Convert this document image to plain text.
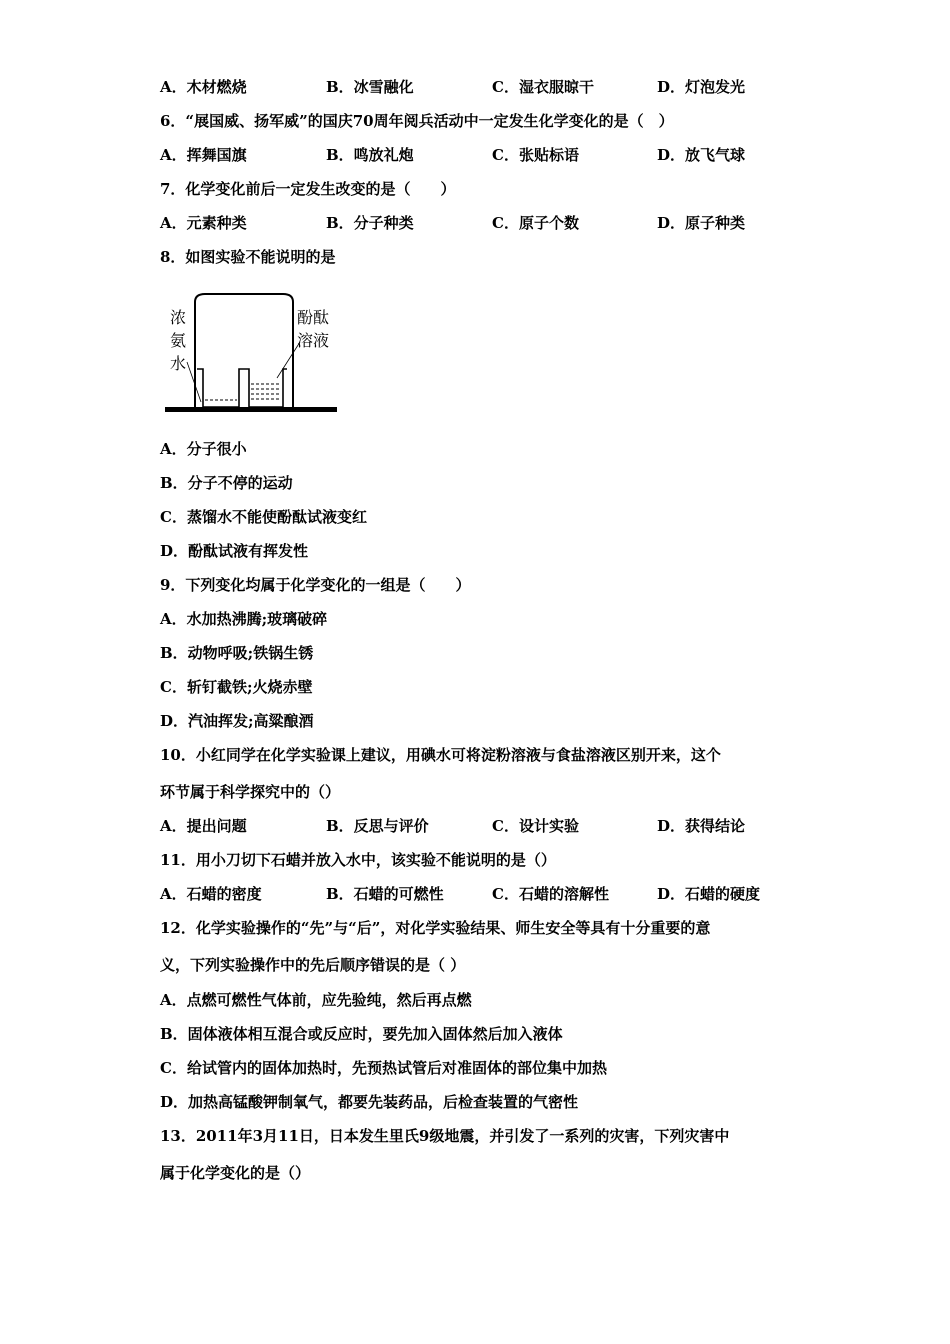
A．木材燃烧	B．冰雪融化	C．湿衣服晾干	D．灯泡发光
6．“展国威、扬军威”的国庆70周年阅兵活动中一定发生化学变化的是（　）
A．挥舞国旗	B．鸣放礼炮	C．张贴标语	D．放飞气球
7．化学变化前后一定发生改变的是（　　）
A．元素种类	B．分子种类	C．原子个数	D．原子种类
8．如图实验不能说明的是
浓
氨
水
酚酞
溶液
A．分子很小
B．分子不停的运动
C．蒸馏水不能使酚酞试液变红
D．酚酞试液有挥发性
9．下列变化均属于化学变化的一组是（　　）
A．水加热沸腾;玻璃破碎
B．动物呼吸;铁锅生锈
C．斩钉截铁;火烧赤壁
D．汽油挥发;高粱酿酒
10．小红同学在化学实验课上建议，用碘水可将淀粉溶液与食盐溶液区别开来，这个
环节属于科学探究中的（）
A．提出问题	B．反思与评价	C．设计实验	D．获得结论
11．用小刀切下石蜡并放入水中，该实验不能说明的是（）
A．石蜡的密度	B．石蜡的可燃性	C．石蜡的溶解性	D．石蜡的硬度
12．化学实验操作的“先”与“后”，对化学实验结果、师生安全等具有十分重要的意
义，下列实验操作中的先后顺序错误的是（ ）
A．点燃可燃性气体前，应先验纯，然后再点燃
B．固体液体相互混合或反应时，要先加入固体然后加入液体
C．给试管内的固体加热时，先预热试管后对准固体的部位集中加热
D．加热高锰酸钾制氧气，都要先装药品，后检查装置的气密性
13．2011年3月11日，日本发生里氏9级地震，并引发了一系列的灾害，下列灾害中
属于化学变化的是（）
